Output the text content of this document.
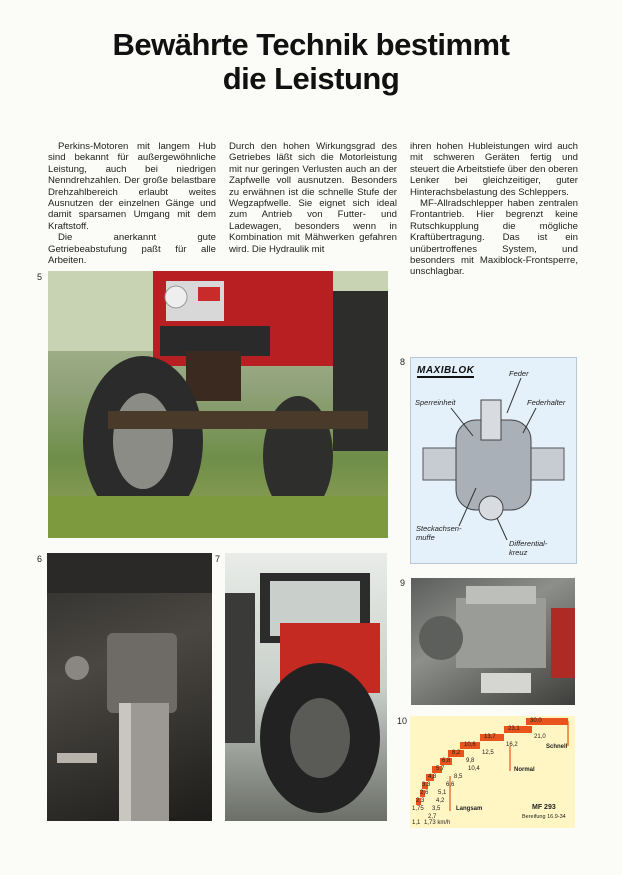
Bewährte Technik bestimmt
die Leistung

Perkins-Motoren mit langem Hub sind bekannt für außergewöhnliche Leistung, auch bei niedrigen Nenndrehzahlen. Der große belastbare Drehzahlbereich erlaubt weites Ausnutzen der einzelnen Gänge und damit sparsamen Umgang mit dem Kraftstoff.

Die anerkannt gute Getriebeabstufung paßt für alle Arbeiten.

Durch den hohen Wirkungsgrad des Getriebes läßt sich die Motorleistung mit nur geringen Verlusten auch an der Zapfwelle voll ausnutzen. Besonders zu erwähnen ist die schnelle Stufe der Wegzapfwelle. Sie eignet sich ideal zum Antrieb von Futter- und Ladewagen, besonders wenn in Kombination mit Mähwerken gefahren wird. Die Hydraulik mit

ihren hohen Hubleistungen wird auch mit schweren Geräten fertig und steuert die Arbeitstiefe über den oberen Lenker bei gleichzeitiger, guter Hinterachsbelastung des Schleppers.

MF-Allradschlepper haben zentralen Frontantrieb. Hier begrenzt keine Rutschkupplung die mögliche Kraftübertragung. Das ist ein unübertroffenes System, und besonders mit Maxiblock-Frontsperre, unschlagbar.

5
6	7
8
9
10
MAXIBLOK	Feder
Sperreinheit	Federhalter
Steckachsen-muffe
Differential-kreuz
30,0
23,1
21,0
13,7
16,2
10,6
12,5
8,2
9,8
6,8
10,4
5,7
8,5
4,8
6,6
3,3
5,1
2,6
4,2
2,3
3,5
1,75
2,7
1,1 1,73 km/h
Schnell
Normal
Langsam	MF 293
Bereifung 16.9-34
